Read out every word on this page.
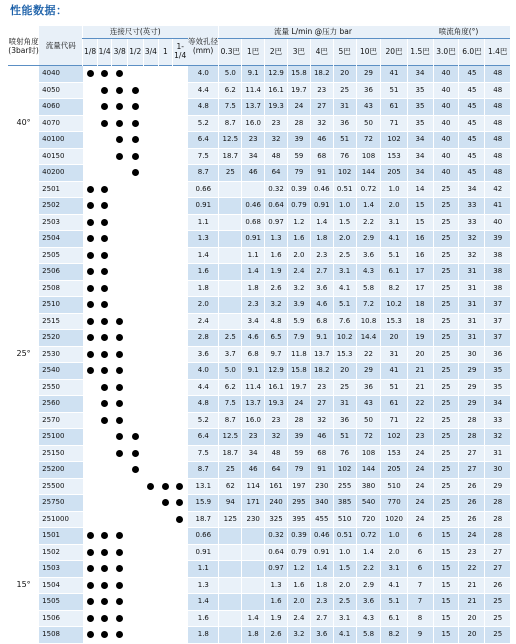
性能数据：
喷射角度(3bar时)	流量代码	连接尺寸(英寸)							等效孔径(mm)	流量 L/min @压力 bar								喷流角度(°)			
		1/8	1/4	3/8	1/2	3/4	1	1-1/4		0.3巴	1巴	2巴	3巴	4巴	5巴	10巴	20巴	1.5巴	3.0巴	6.0巴	1.4巴
40°	4040								4.0	5.0	9.1	12.9	15.8	18.2	20	29	41	34	40	45	48
	4050								4.4	6.2	11.4	16.1	19.7	23	25	36	51	35	40	45	48
	4060								4.8	7.5	13.7	19.3	24	27	31	43	61	35	40	45	48
	4070								5.2	8.7	16.0	23	28	32	36	50	71	35	40	45	48
	40100								6.4	12.5	23	32	39	46	51	72	102	34	40	45	48
	40150								7.5	18.7	34	48	59	68	76	108	153	34	40	45	48
	40200								8.7	25	46	64	79	91	102	144	205	34	40	45	48
25°	2501								0.66			0.32	0.39	0.46	0.51	0.72	1.0	14	25	34	42
	2502								0.91		0.46	0.64	0.79	0.91	1.0	1.4	2.0	15	25	33	41
	2503								1.1		0.68	0.97	1.2	1.4	1.5	2.2	3.1	15	25	33	40
	2504								1.3		0.91	1.3	1.6	1.8	2.0	2.9	4.1	16	25	32	39
	2505								1.4		1.1	1.6	2.0	2.3	2.5	3.6	5.1	16	25	32	38
	2506								1.6		1.4	1.9	2.4	2.7	3.1	4.3	6.1	17	25	31	38
	2508								1.8		1.8	2.6	3.2	3.6	4.1	5.8	8.2	17	25	31	38
	2510								2.0		2.3	3.2	3.9	4.6	5.1	7.2	10.2	18	25	31	37
	2515								2.4		3.4	4.8	5.9	6.8	7.6	10.8	15.3	18	25	31	37
	2520								2.8	2.5	4.6	6.5	7.9	9.1	10.2	14.4	20	19	25	31	37
	2530								3.6	3.7	6.8	9.7	11.8	13.7	15.3	22	31	20	25	30	36
	2540								4.0	5.0	9.1	12.9	15.8	18.2	20	29	41	21	25	29	35
	2550								4.4	6.2	11.4	16.1	19.7	23	25	36	51	21	25	29	35
	2560								4.8	7.5	13.7	19.3	24	27	31	43	61	22	25	29	34
	2570								5.2	8.7	16.0	23	28	32	36	50	71	22	25	28	33
	25100								6.4	12.5	23	32	39	46	51	72	102	23	25	28	32
	25150								7.5	18.7	34	48	59	68	76	108	153	24	25	27	31
	25200								8.7	25	46	64	79	91	102	144	205	24	25	27	30
	25500								13.1	62	114	161	197	230	255	380	510	24	25	26	29
	25750								15.9	94	171	240	295	340	385	540	770	24	25	26	28
	251000								18.7	125	230	325	395	455	510	720	1020	24	25	26	28
15°	1501								0.66			0.32	0.39	0.46	0.51	0.72	1.0	6	15	24	28
	1502								0.91			0.64	0.79	0.91	1.0	1.4	2.0	6	15	23	27
	1503								1.1			0.97	1.2	1.4	1.5	2.2	3.1	6	15	22	27
	1504								1.3			1.3	1.6	1.8	2.0	2.9	4.1	7	15	21	26
	1505								1.4			1.6	2.0	2.3	2.5	3.6	5.1	7	15	21	25
	1506								1.6		1.4	1.9	2.4	2.7	3.1	4.3	6.1	8	15	20	25
	1508								1.8		1.8	2.6	3.2	3.6	4.1	5.8	8.2	9	15	20	25
